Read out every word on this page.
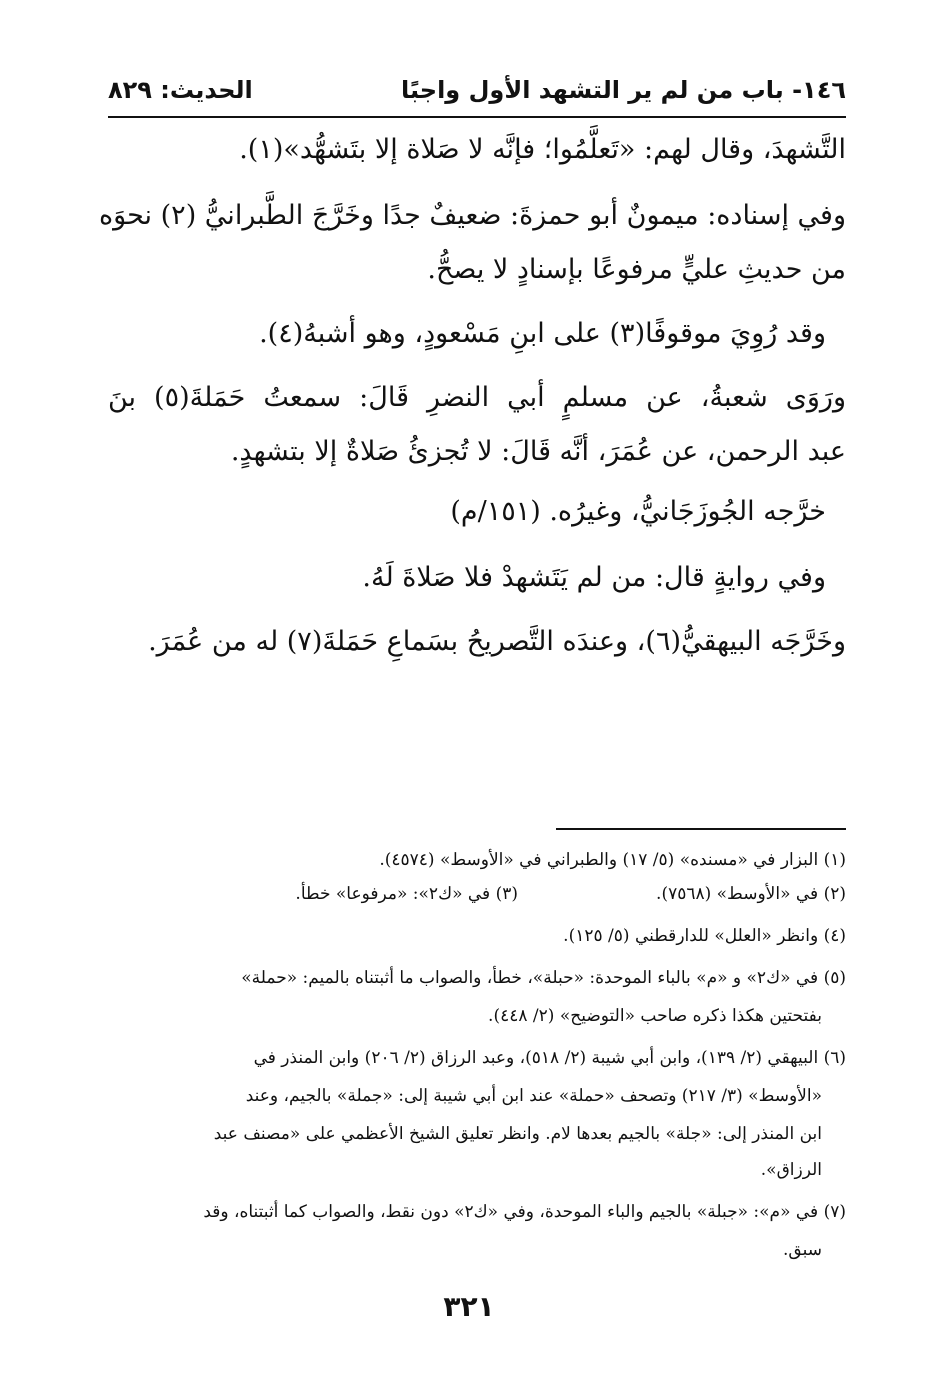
١٤٦- باب من لم ير التشهد الأول واجبًا
الحديث: ٨٢٩
التَّشهدَ، وقال لهم: «تَعلَّمُوا؛ فإنَّه لا صَلاة إلا بتَشهُّد»(١).
وفي إسناده: ميمونٌ أبو حمزةَ: ضعيفٌ جدًا وخَرَّجَ الطَّبرانيُّ (٢) نحوَه
من حديثِ عليٍّ مرفوعًا بإسنادٍ لا يصحُّ.
وقد رُوِيَ موقوفًا(٣) على ابنِ مَسْعودٍ، وهو أشبهُ(٤).
ورَوَى شعبةُ، عن مسلمٍ أبي النضرِ قَالَ: سمعتُ حَمَلةَ(٥) بنَ
عبد الرحمن، عن عُمَرَ، أنَّه قَالَ: لا تُجزئُ صَلاةٌ إلا بتشهدٍ.
خرَّجه الجُوزَجَانيُّ، وغيرُه. (١٥١/م)
وفي روايةٍ قال: من لم يَتَشهدْ فلا صَلاةَ لَهُ.
وخَرَّجَه البيهقيُّ(٦)، وعندَه التَّصريحُ بسَماعِ حَمَلةَ(٧) له من عُمَرَ.
(١) البزار في «مسنده» (٥/ ١٧) والطبراني في «الأوسط» (٤٥٧٤).
(٢) في «الأوسط» (٧٥٦٨).
(٣) في «ك٢»: «مرفوعا» خطأ.
(٤) وانظر «العلل» للدارقطني (٥/ ١٢٥).
(٥) في «ك٢» و «م» بالباء الموحدة: «حبلة»، خطأ، والصواب ما أثبتناه بالميم: «حملة»
بفتحتين هكذا ذكره صاحب «التوضيح» (٢/ ٤٤٨).
(٦) البيهقي (٢/ ١٣٩)، وابن أبي شيبة (٢/ ٥١٨)، وعبد الرزاق (٢/ ٢٠٦) وابن المنذر في
«الأوسط» (٣/ ٢١٧) وتصحف «حملة» عند ابن أبي شيبة إلى: «جملة» بالجيم، وعند
ابن المنذر إلى: «جلة» بالجيم بعدها لام. وانظر تعليق الشيخ الأعظمي على «مصنف عبد
الرزاق».
(٧) في «م»: «جبلة» بالجيم والباء الموحدة، وفي «ك٢» دون نقط، والصواب كما أثبتناه، وقد
سبق.
٣٢١
